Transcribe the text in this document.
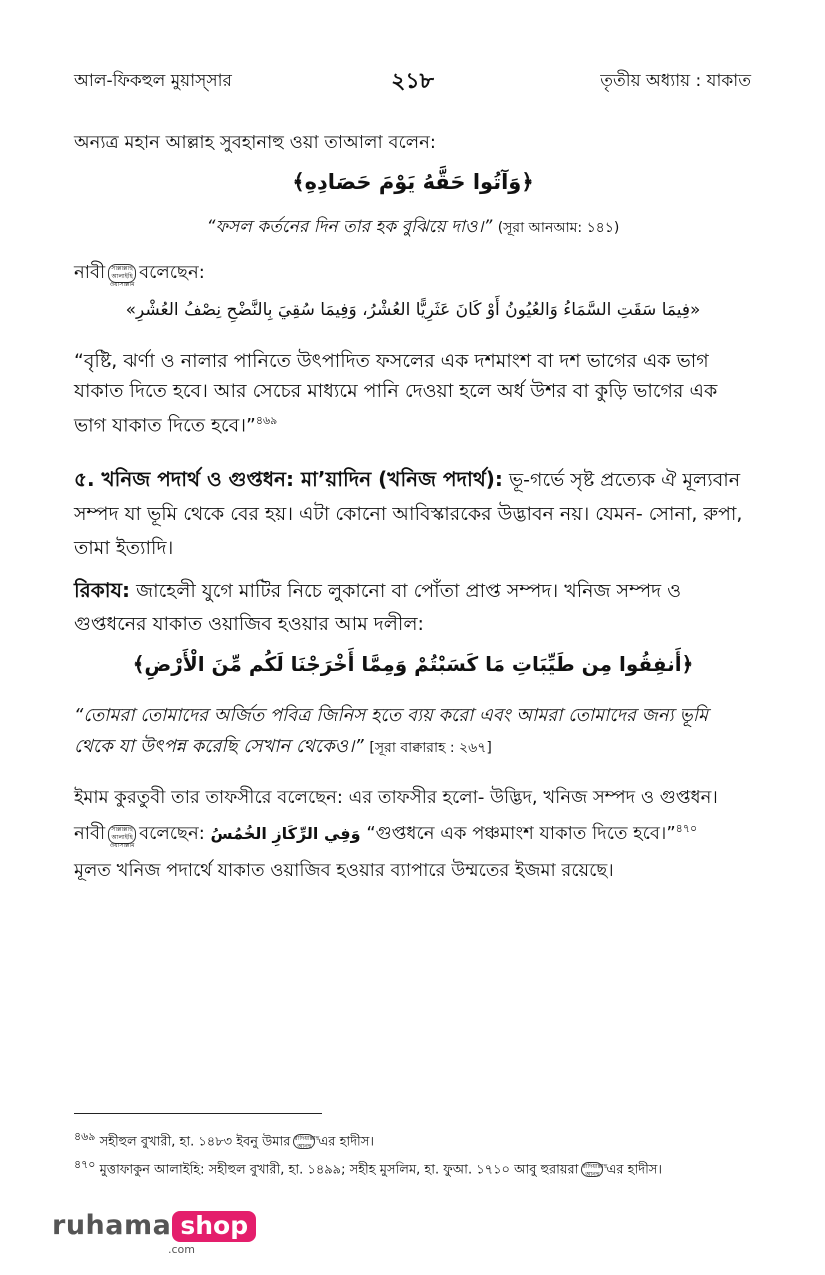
আল-ফিকহুল মুয়াস্‌সার	২১৮	তৃতীয় অধ্যায় : যাকাত
অন্যত্র মহান আল্লাহ সুবহানাহু ওয়া তাআলা বলেন:
﴿وَآتُوا حَقَّهُ يَوْمَ حَصَادِهِ﴾
“ফসল কর্তনের দিন তার হক বুঝিয়ে দাও।” (সূরা আনআম: ১৪১)
নাবী সাল্লাল্লাহু আলাইহি ওয়াসাল্লামবলেছেন:
«فِيمَا سَقَتِ السَّمَاءُ وَالعُيُونُ أَوْ كَانَ عَثَرِيًّا العُشْرُ، وَفِيمَا سُقِيَ بِالنَّضْحِ نِصْفُ العُشْرِ»
“বৃষ্টি, ঝর্ণা ও নালার পানিতে উৎপাদিত ফসলের এক দশমাংশ বা দশ ভাগের এক ভাগ যাকাত দিতে হবে। আর সেচের মাধ্যমে পানি দেওয়া হলে অর্ধ উশর বা কুড়ি ভাগের এক ভাগ যাকাত দিতে হবে।”$^{৪৬৯}$
৫. খনিজ পদার্থ ও গুপ্তধন: মা’য়াদিন (খনিজ পদার্থ): ভূ-গর্ভে সৃষ্ট প্রত্যেক ঐ মূল্যবান সম্পদ যা ভূমি থেকে বের হয়। এটা কোনো আবিস্কারকের উদ্ভাবন নয়। যেমন- সোনা, রুপা, তামা ইত্যাদি।
রিকায: জাহেলী যুগে মাটির নিচে লুকানো বা পোঁতা প্রাপ্ত সম্পদ। খনিজ সম্পদ ও গুপ্তধনের যাকাত ওয়াজিব হওয়ার আম দলীল:
﴿أَنفِقُوا مِن طَيِّبَاتِ مَا كَسَبْتُمْ وَمِمَّا أَخْرَجْنَا لَكُم مِّنَ الْأَرْضِ﴾
“তোমরা তোমাদের অর্জিত পবিত্র জিনিস হতে ব্যয় করো এবং আমরা তোমাদের জন্য ভূমি থেকে যা উৎপন্ন করেছি সেখান থেকেও।” [সূরা বাক্বারাহ : ২৬৭]
ইমাম কুরতুবী তার তাফসীরে বলেছেন: এর তাফসীর হলো- উদ্ভিদ, খনিজ সম্পদ ও গুপ্তধন।
নাবী সাল্লাল্লাহু আলাইহি ওয়াসাল্লামবলেছেন: وَفِي الرِّكَازِ الخُمُسُ “গুপ্তধনে এক পঞ্চমাংশ যাকাত দিতে হবে।”$^{৪৭০}$
মূলত খনিজ পদার্থে যাকাত ওয়াজিব হওয়ার ব্যাপারে উম্মতের ইজমা রয়েছে।
$^{৪৬৯}$ সহীহুল বুখারী, হা. ১৪৮৩ ইবনু উমার রাদিয়াল্লাহু আনহু এর হাদীস।
$^{৪৭০}$ মুত্তাফাকুন আলাইহি: সহীহুল বুখারী, হা. ১৪৯৯; সহীহ মুসলিম, হা. ফুআ. ১৭১০ আবু হুরায়রা রাদিয়াল্লাহু আনহু এর হাদীস।
ruhama shop
.com
